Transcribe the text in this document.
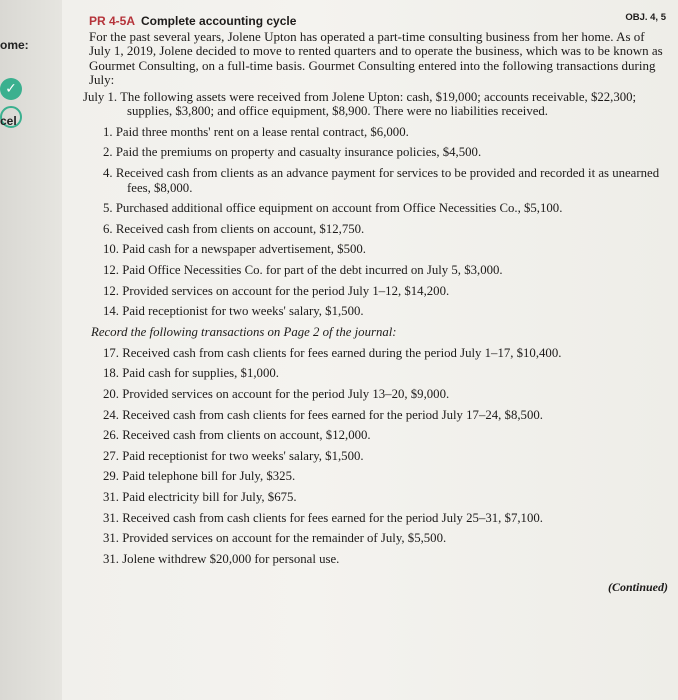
ome:
✓
cel
PR 4-5A Complete accounting cycle	OBJ. 4, 5

For the past several years, Jolene Upton has operated a part-time consulting business from her home. As of July 1, 2019, Jolene decided to move to rented quarters and to operate the business, which was to be known as Gourmet Consulting, on a full-time basis. Gourmet Consulting entered into the following transactions during July:

July 1. The following assets were received from Jolene Upton: cash, $19,000; accounts receivable, $22,300; supplies, $3,800; and office equipment, $8,900. There were no liabilities received.

1. Paid three months' rent on a lease rental contract, $6,000.

2. Paid the premiums on property and casualty insurance policies, $4,500.

4. Received cash from clients as an advance payment for services to be provided and recorded it as unearned fees, $8,000.

5. Purchased additional office equipment on account from Office Necessities Co., $5,100.

6. Received cash from clients on account, $12,750.

10. Paid cash for a newspaper advertisement, $500.

12. Paid Office Necessities Co. for part of the debt incurred on July 5, $3,000.

12. Provided services on account for the period July 1–12, $14,200.

14. Paid receptionist for two weeks' salary, $1,500.

Record the following transactions on Page 2 of the journal:

17. Received cash from cash clients for fees earned during the period July 1–17, $10,400.

18. Paid cash for supplies, $1,000.

20. Provided services on account for the period July 13–20, $9,000.

24. Received cash from cash clients for fees earned for the period July 17–24, $8,500.

26. Received cash from clients on account, $12,000.

27. Paid receptionist for two weeks' salary, $1,500.

29. Paid telephone bill for July, $325.

31. Paid electricity bill for July, $675.

31. Received cash from cash clients for fees earned for the period July 25–31, $7,100.

31. Provided services on account for the remainder of July, $5,500.

31. Jolene withdrew $20,000 for personal use.

(Continued)
